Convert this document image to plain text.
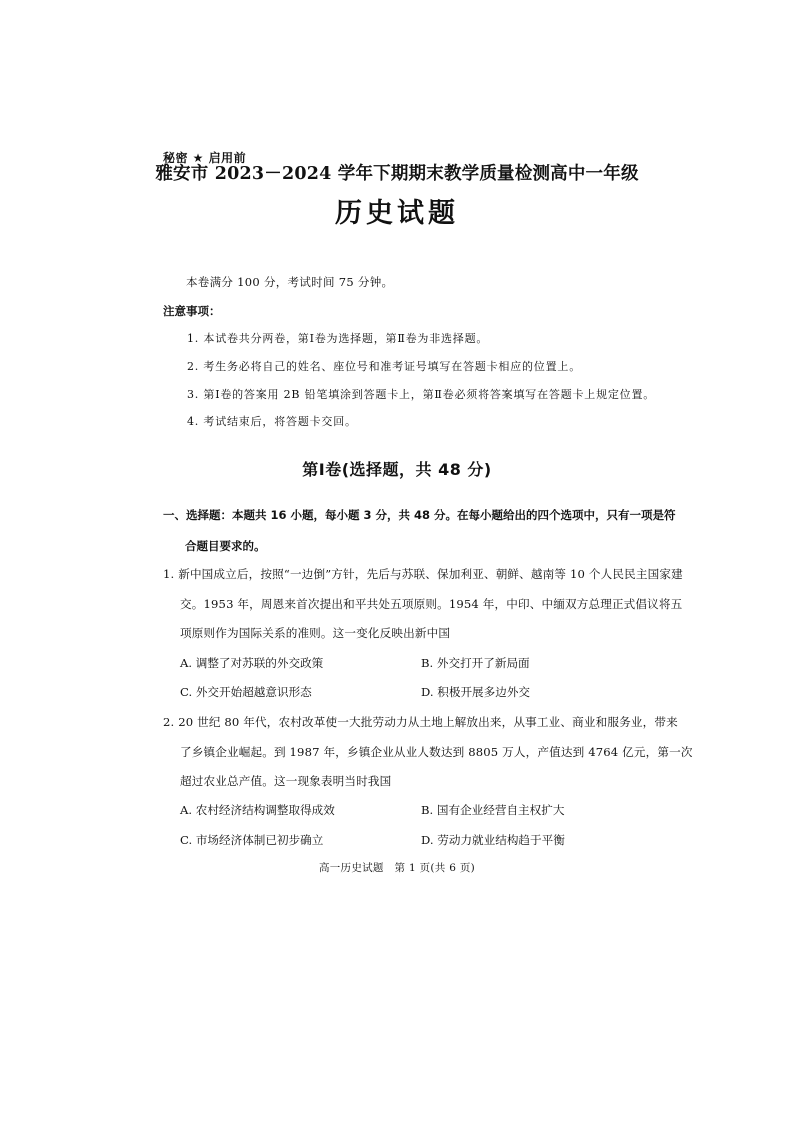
秘密 ★ 启用前
雅安市 2023－2024 学年下期期末教学质量检测高中一年级
历史试题
本卷满分 100 分，考试时间 75 分钟。
注意事项：
1. 本试卷共分两卷，第Ⅰ卷为选择题，第Ⅱ卷为非选择题。
2. 考生务必将自己的姓名、座位号和准考证号填写在答题卡相应的位置上。
3. 第Ⅰ卷的答案用 2B 铅笔填涂到答题卡上，第Ⅱ卷必须将答案填写在答题卡上规定位置。
4. 考试结束后，将答题卡交回。
第Ⅰ卷(选择题，共 48 分)
一、选择题：本题共 16 小题，每小题 3 分，共 48 分。在每小题给出的四个选项中，只有一项是符
合题目要求的。
1. 新中国成立后，按照“一边倒”方针，先后与苏联、保加利亚、朝鲜、越南等 10 个人民民主国家建
交。1953 年，周恩来首次提出和平共处五项原则。1954 年，中印、中缅双方总理正式倡议将五
项原则作为国际关系的准则。这一变化反映出新中国
A. 调整了对苏联的外交政策	B. 外交打开了新局面
C. 外交开始超越意识形态	D. 积极开展多边外交
2. 20 世纪 80 年代，农村改革使一大批劳动力从土地上解放出来，从事工业、商业和服务业，带来
了乡镇企业崛起。到 1987 年，乡镇企业从业人数达到 8805 万人，产值达到 4764 亿元，第一次
超过农业总产值。这一现象表明当时我国
A. 农村经济结构调整取得成效	B. 国有企业经营自主权扩大
C. 市场经济体制已初步确立	D. 劳动力就业结构趋于平衡
高一历史试题　第 1 页(共 6 页)
